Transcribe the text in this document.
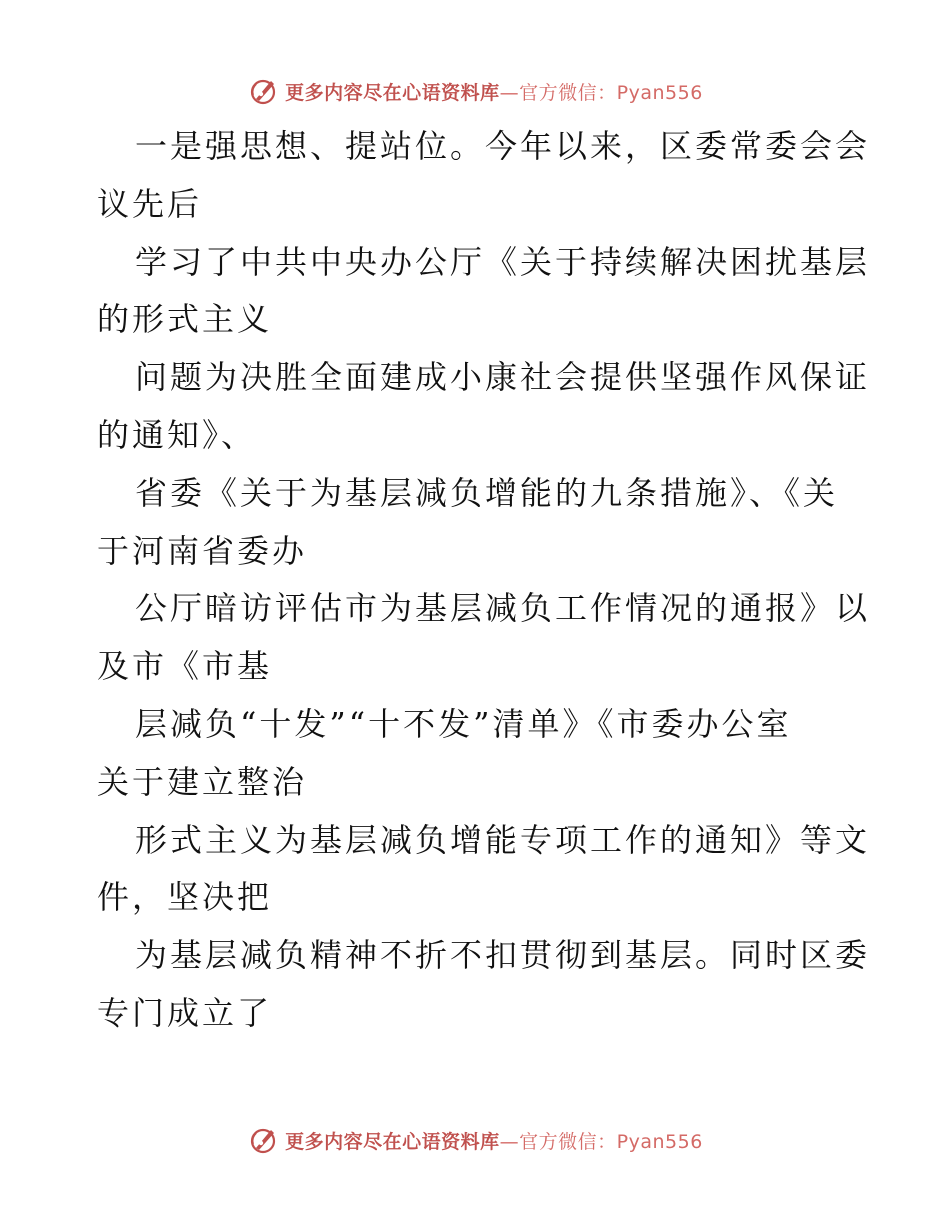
更多内容尽在心语资料库—官方微信：Pyan556
一是强思想、提站位。今年以来，区委常委会会
议先后
学习了中共中央办公厅《关于持续解决困扰基层
的形式主义
问题为决胜全面建成小康社会提供坚强作风保证
的通知》、
省委《关于为基层减负增能的九条措施》、《关
于河南省委办
公厅暗访评估市为基层减负工作情况的通报》以
及市《市基
层减负“十发”“十不发”清单》《市委办公室
关于建立整治
形式主义为基层减负增能专项工作的通知》等文
件，坚决把
为基层减负精神不折不扣贯彻到基层。同时区委
专门成立了
更多内容尽在心语资料库—官方微信：Pyan556
